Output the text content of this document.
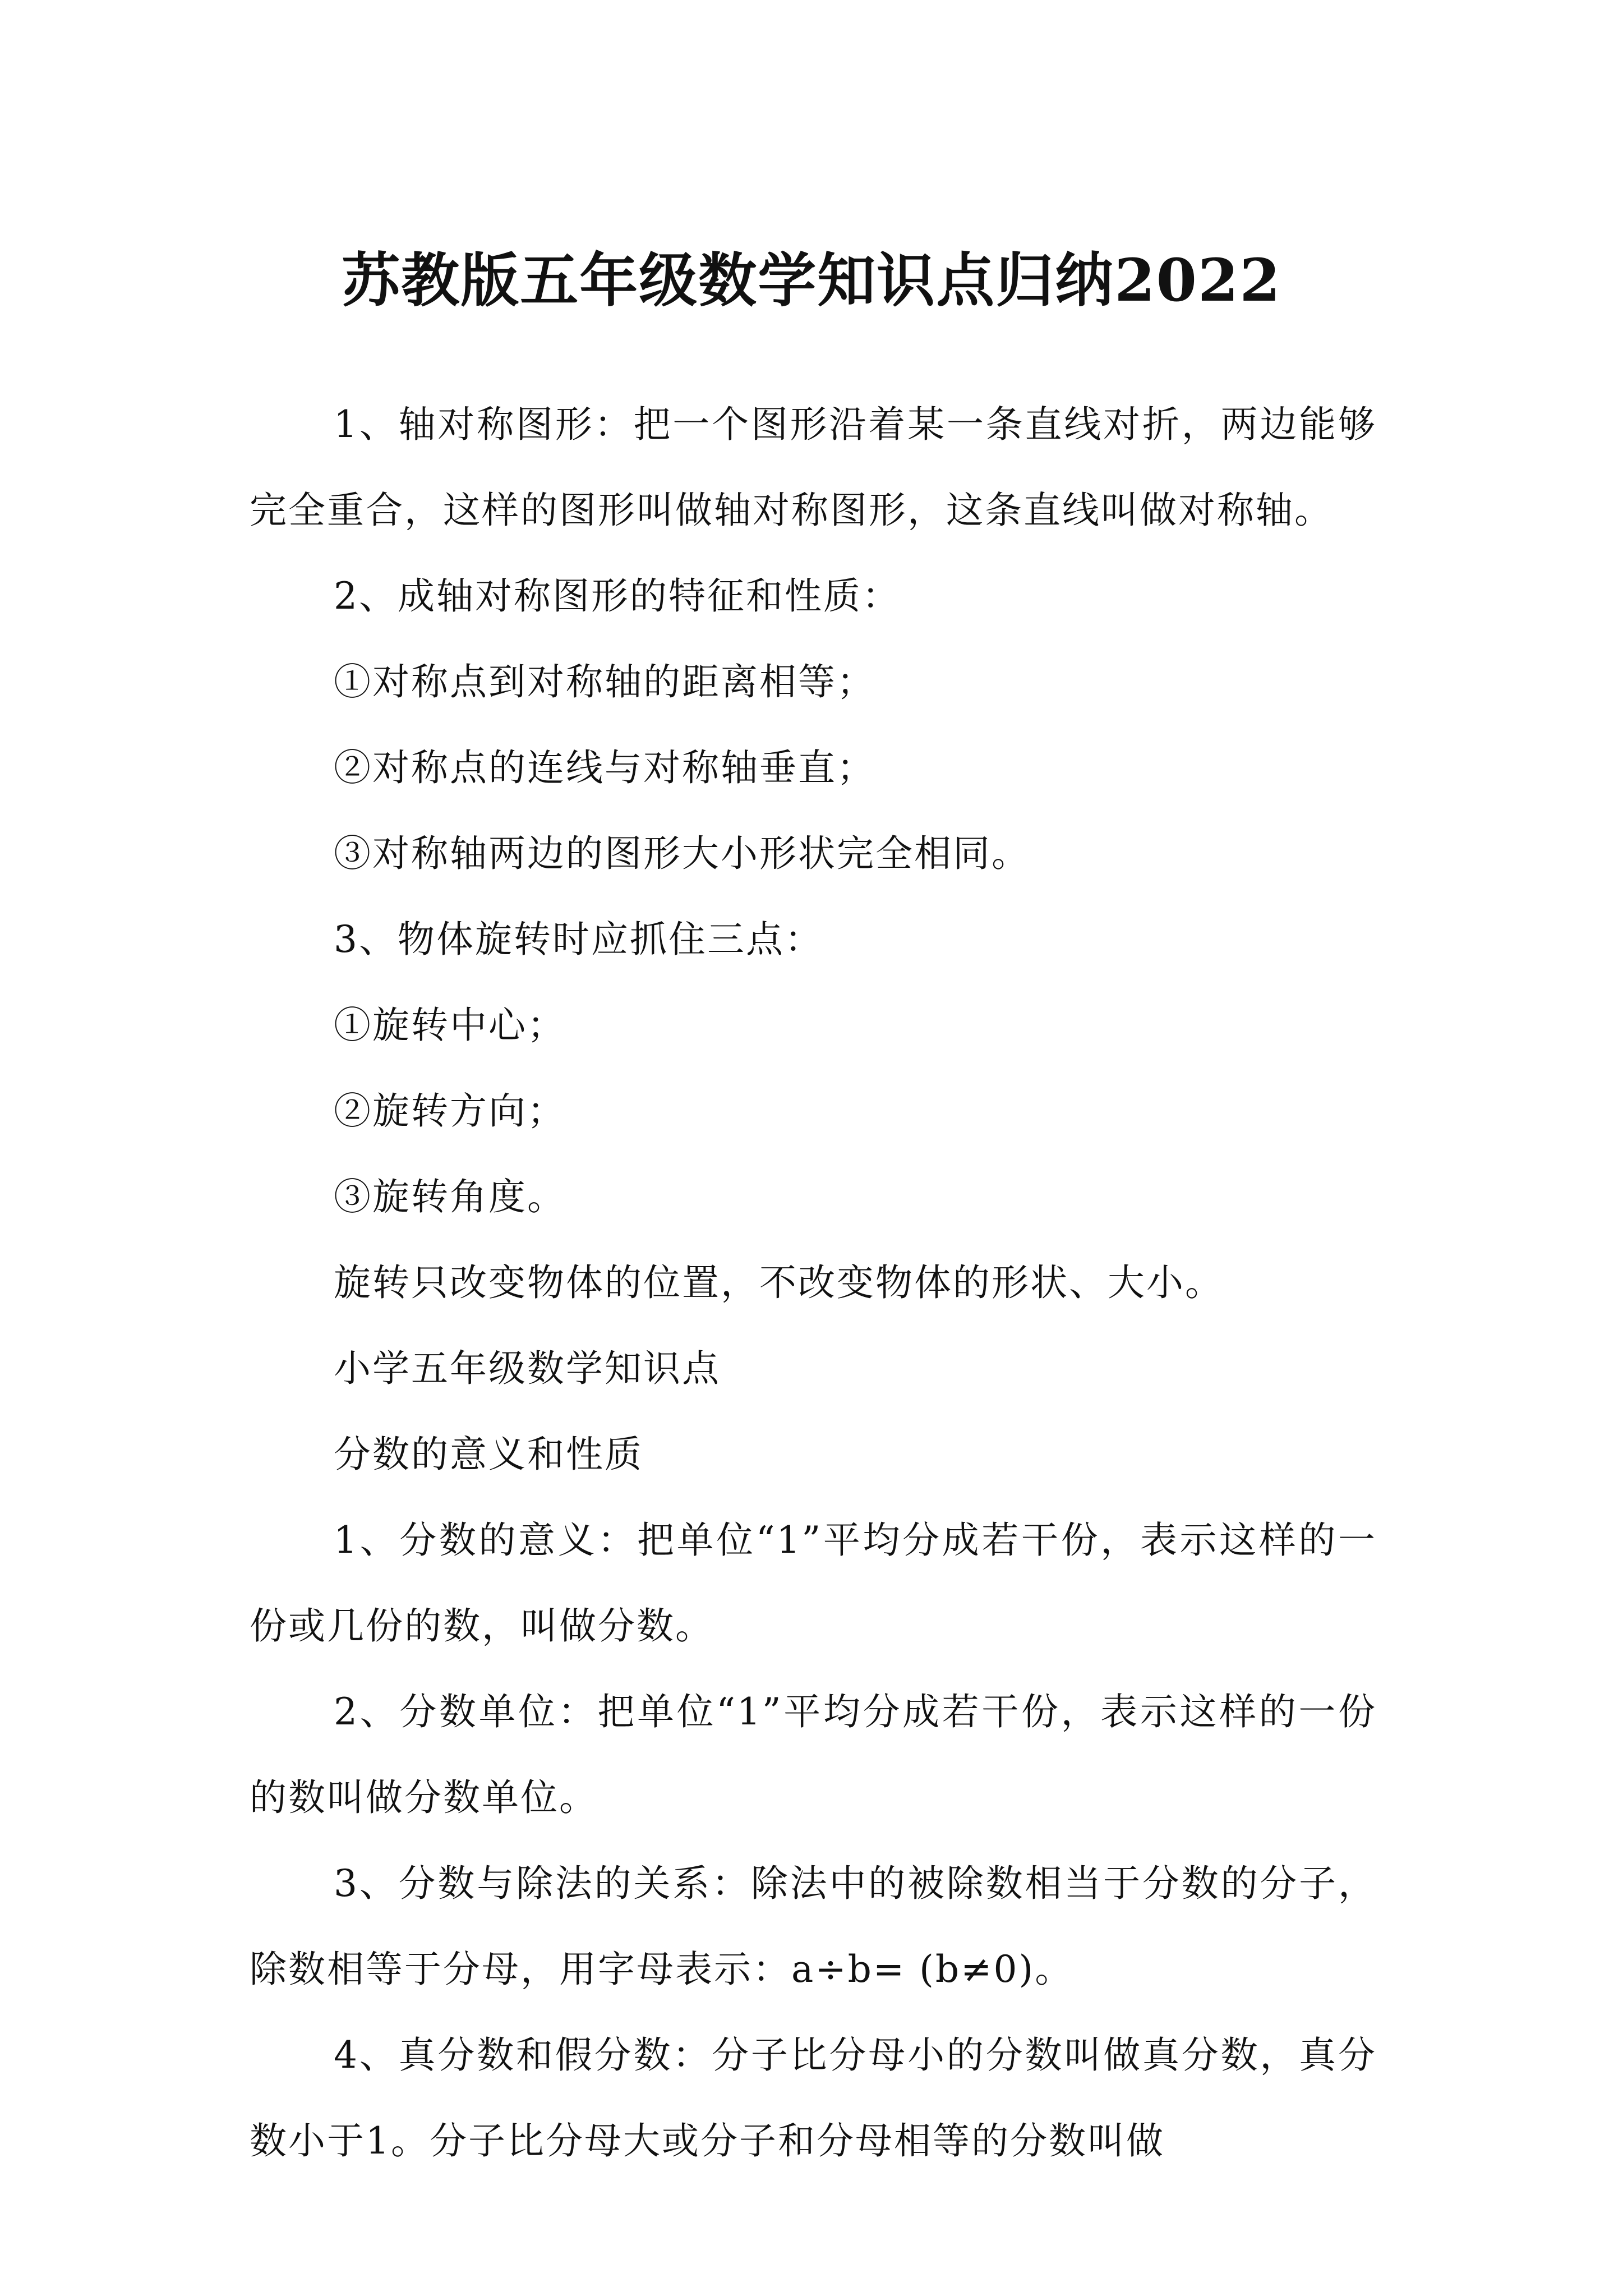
苏教版五年级数学知识点归纳2022

1、轴对称图形：把一个图形沿着某一条直线对折，两边能够完全重合，这样的图形叫做轴对称图形，这条直线叫做对称轴。

2、成轴对称图形的特征和性质：

①对称点到对称轴的距离相等；

②对称点的连线与对称轴垂直；

③对称轴两边的图形大小形状完全相同。

3、物体旋转时应抓住三点：

①旋转中心；

②旋转方向；

③旋转角度。

旋转只改变物体的位置，不改变物体的形状、大小。

小学五年级数学知识点

分数的意义和性质

1、分数的意义：把单位“1”平均分成若干份，表示这样的一份或几份的数，叫做分数。

2、分数单位：把单位“1”平均分成若干份，表示这样的一份的数叫做分数单位。

3、分数与除法的关系：除法中的被除数相当于分数的分子，除数相等于分母，用字母表示：a÷b= (b≠0)。

4、真分数和假分数：分子比分母小的分数叫做真分数，真分数小于1。分子比分母大或分子和分母相等的分数叫做
